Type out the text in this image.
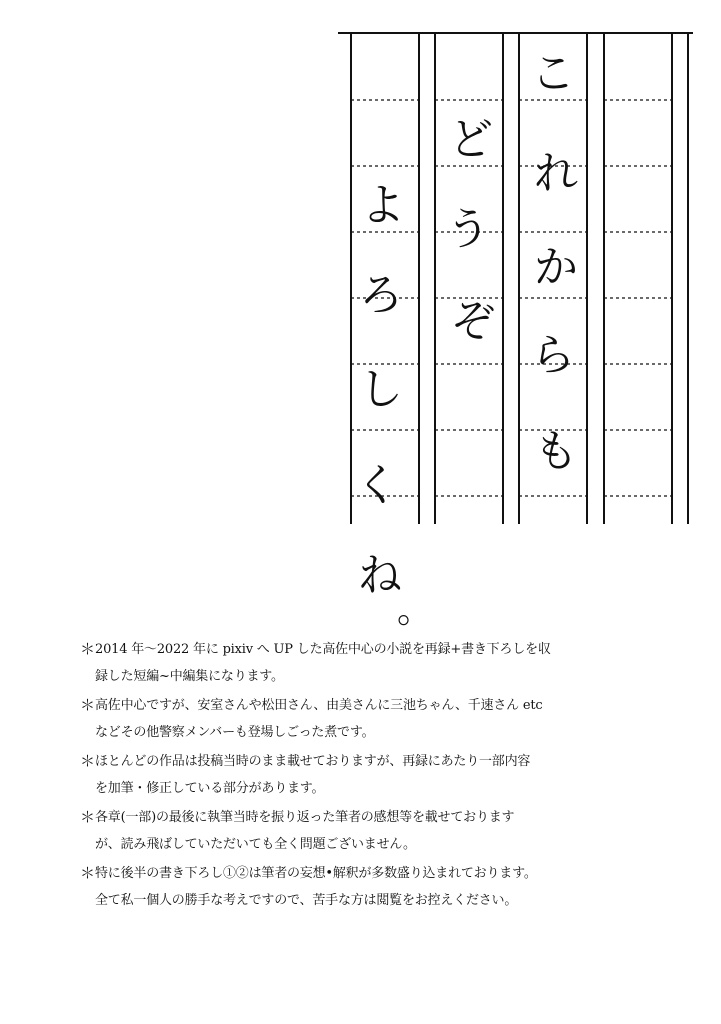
こ
れ
か
ら
も
ど
う
ぞ
よ
ろ
し
く
ね
。
＊ 2014 年〜2022 年に pixiv へ UP した高佐中心の小説を再録+書き下ろしを収
録した短編~中編集になります。
＊ 高佐中心ですが、安室さんや松田さん、由美さんに三池ちゃん、千速さん etc
などその他警察メンバーも登場しごった煮です。
＊ ほとんどの作品は投稿当時のまま載せておりますが、再録にあたり一部内容
を加筆・修正している部分があります。
＊ 各章(一部)の最後に執筆当時を振り返った筆者の感想等を載せております
が、読み飛ばしていただいても全く問題ございません。
＊ 特に後半の書き下ろし①②は筆者の妄想•解釈が多数盛り込まれております。
全て私一個人の勝手な考えですので、苦手な方は閲覧をお控えください。
